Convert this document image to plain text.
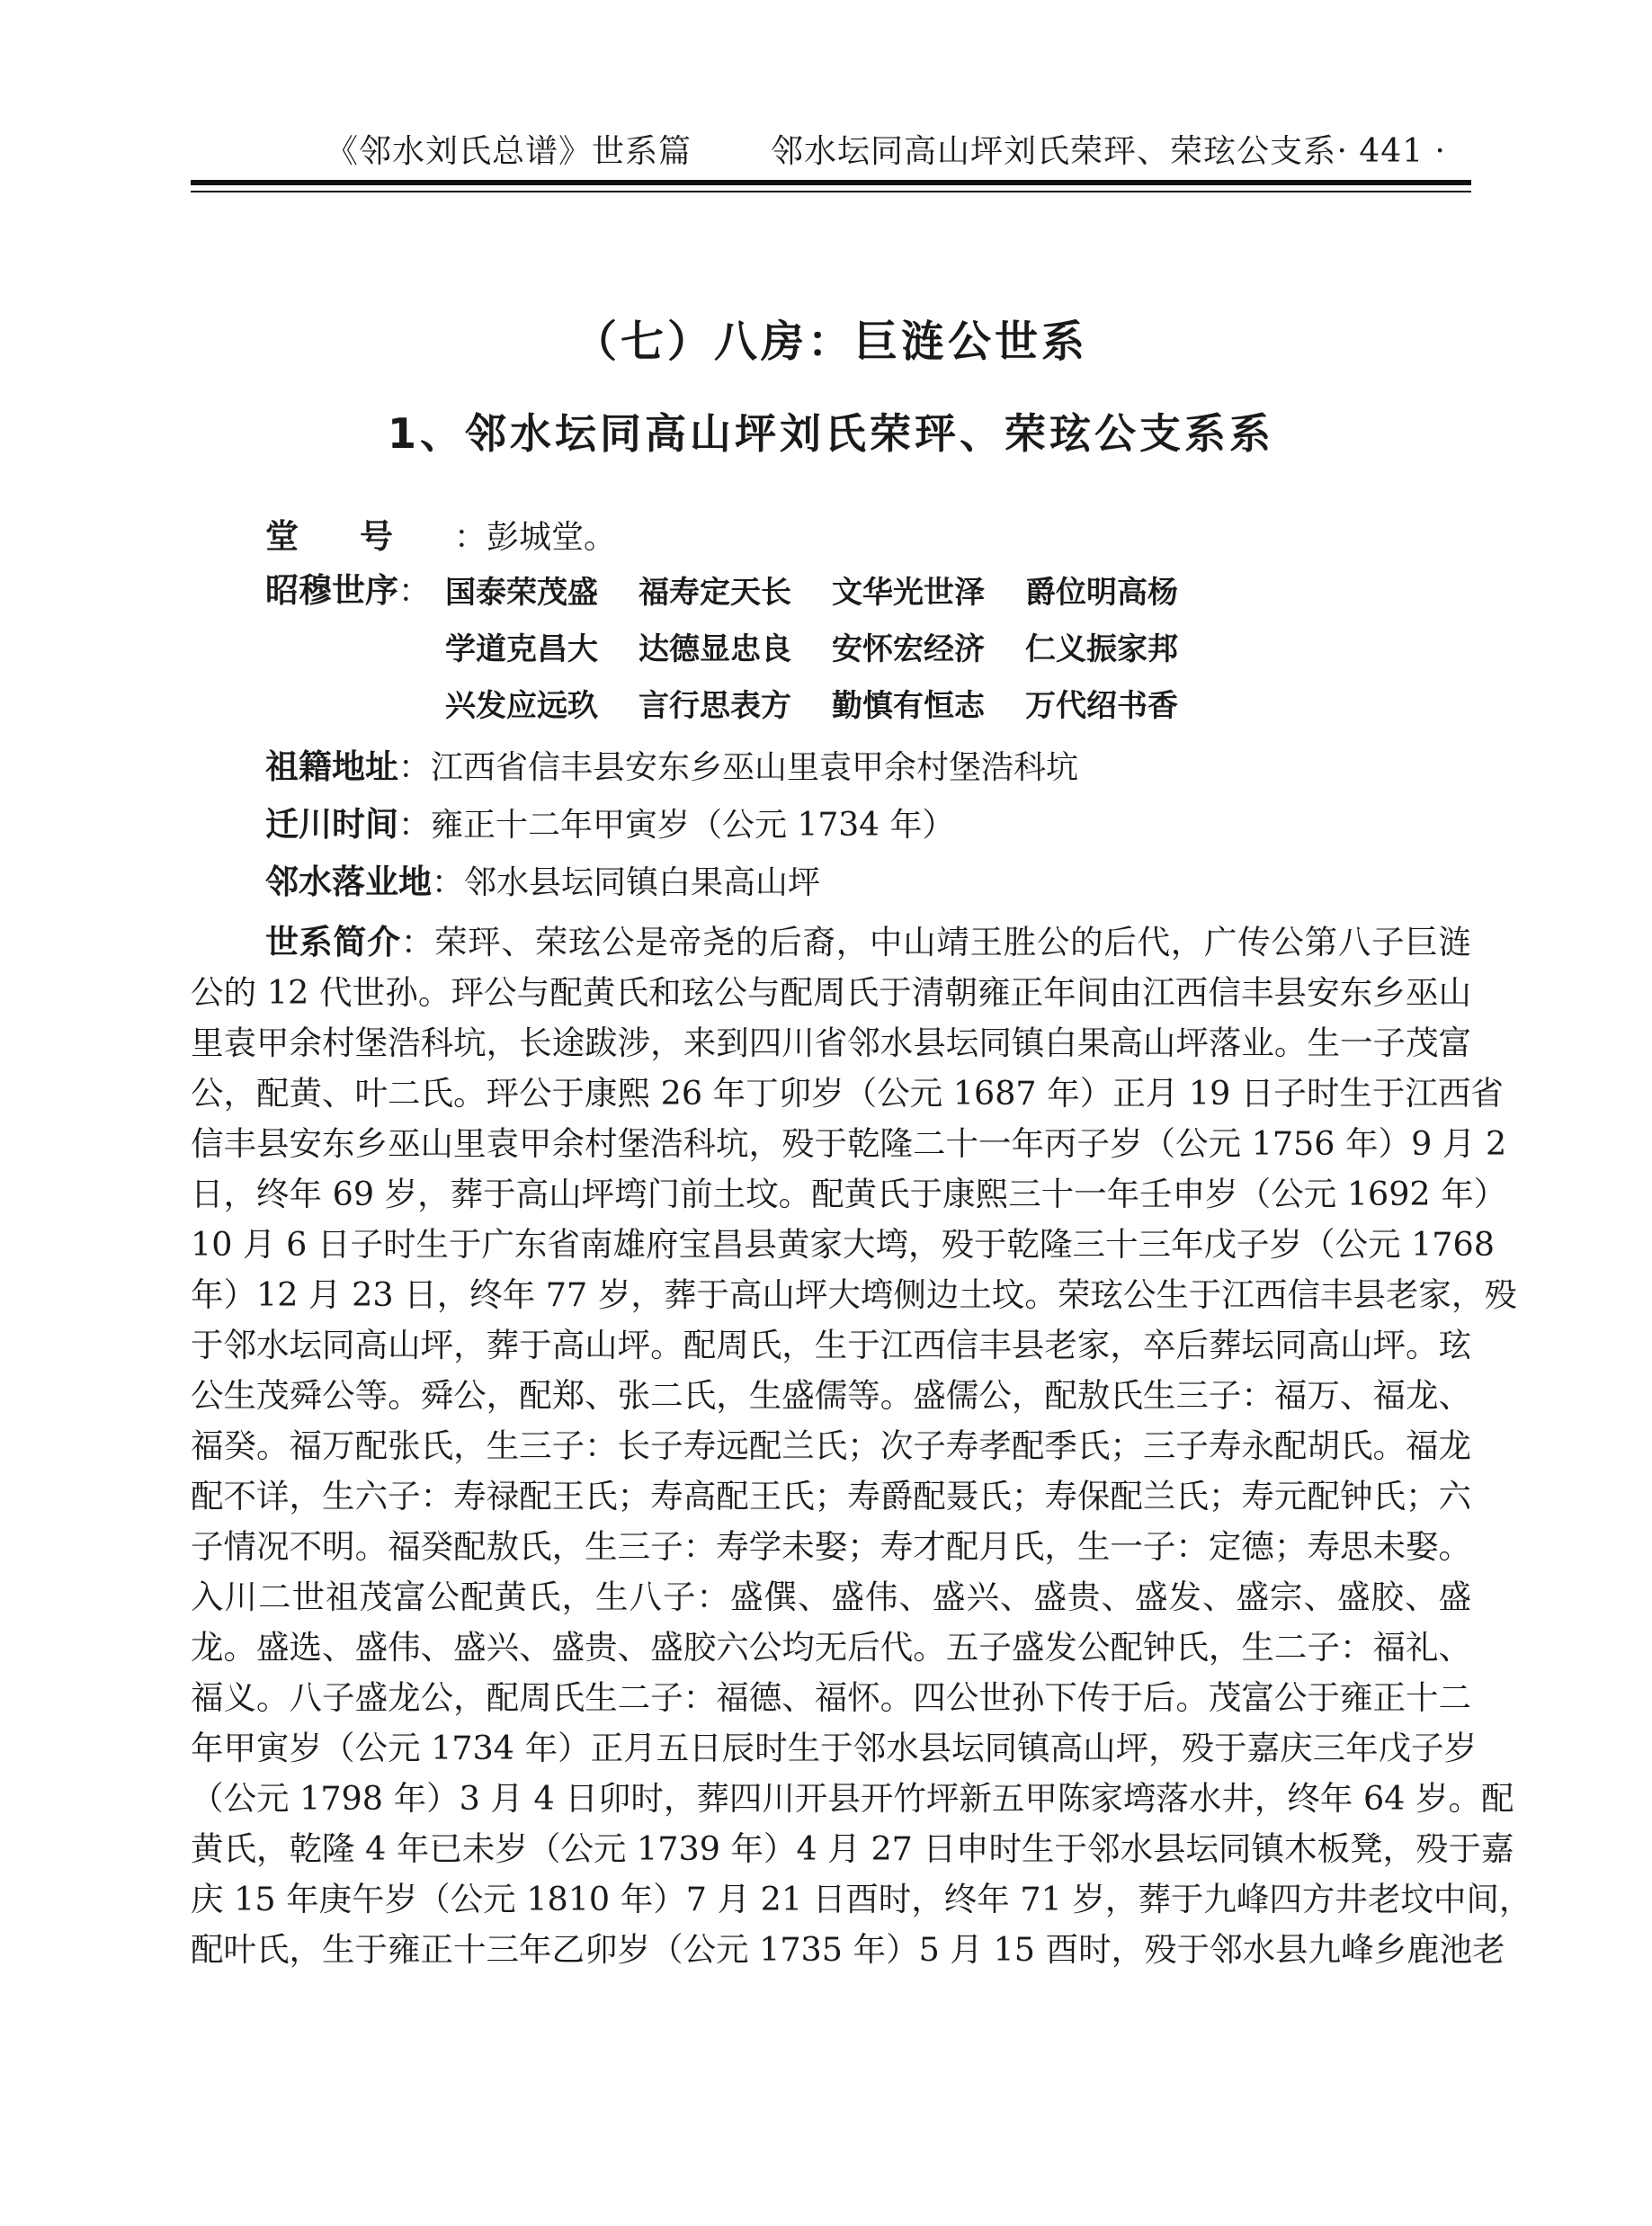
《邻水刘氏总谱》世系篇 邻水坛同高山坪刘氏荣玶、荣玹公支系 · 441 ·
（七）八房：巨涟公世系
1、邻水坛同高山坪刘氏荣玶、荣玹公支系系
堂号：彭城堂。
昭穆世序： 国泰荣茂盛 福寿定天长 文华光世泽 爵位明高杨
学道克昌大 达德显忠良 安怀宏经济 仁义振家邦
兴发应远玖 言行思表方 勤慎有恒志 万代绍书香
祖籍地址：江西省信丰县安东乡巫山里袁甲余村堡浩科坑
迁川时间：雍正十二年甲寅岁（公元 1734 年）
邻水落业地：邻水县坛同镇白果高山坪
世系简介：荣玶、荣玹公是帝尧的后裔，中山靖王胜公的后代，广传公第八子巨涟
公的 12 代世孙。玶公与配黄氏和玹公与配周氏于清朝雍正年间由江西信丰县安东乡巫山
里袁甲余村堡浩科坑，长途跋涉，来到四川省邻水县坛同镇白果高山坪落业。生一子茂富
公，配黄、叶二氏。玶公于康熙 26 年丁卯岁（公元 1687 年）正月 19 日子时生于江西省
信丰县安东乡巫山里袁甲余村堡浩科坑，殁于乾隆二十一年丙子岁（公元 1756 年）9 月 2
日，终年 69 岁，葬于高山坪塆门前土坟。配黄氏于康熙三十一年壬申岁（公元 1692 年）
10 月 6 日子时生于广东省南雄府宝昌县黄家大塆，殁于乾隆三十三年戊子岁（公元 1768
年）12 月 23 日，终年 77 岁，葬于高山坪大塆侧边土坟。荣玹公生于江西信丰县老家，殁
于邻水坛同高山坪，葬于高山坪。配周氏，生于江西信丰县老家，卒后葬坛同高山坪。玹
公生茂舜公等。舜公，配郑、张二氏，生盛儒等。盛儒公，配敖氏生三子：福万、福龙、
福癸。福万配张氏，生三子：长子寿远配兰氏；次子寿孝配季氏；三子寿永配胡氏。福龙
配不详，生六子：寿禄配王氏；寿高配王氏；寿爵配聂氏；寿保配兰氏；寿元配钟氏；六
子情况不明。福癸配敖氏，生三子：寿学未娶；寿才配月氏，生一子：定德；寿思未娶。
入川二世祖茂富公配黄氏，生八子：盛僎、盛伟、盛兴、盛贵、盛发、盛宗、盛胶、盛
龙。盛选、盛伟、盛兴、盛贵、盛胶六公均无后代。五子盛发公配钟氏，生二子：福礼、
福义。八子盛龙公，配周氏生二子：福德、福怀。四公世孙下传于后。茂富公于雍正十二
年甲寅岁（公元 1734 年）正月五日辰时生于邻水县坛同镇高山坪，殁于嘉庆三年戊子岁
（公元 1798 年）3 月 4 日卯时，葬四川开县开竹坪新五甲陈家塆落水井，终年 64 岁。配
黄氏，乾隆 4 年已未岁（公元 1739 年）4 月 27 日申时生于邻水县坛同镇木板凳，殁于嘉
庆 15 年庚午岁（公元 1810 年）7 月 21 日酉时，终年 71 岁，葬于九峰四方井老坟中间，
配叶氏，生于雍正十三年乙卯岁（公元 1735 年）5 月 15 酉时，殁于邻水县九峰乡鹿池老
